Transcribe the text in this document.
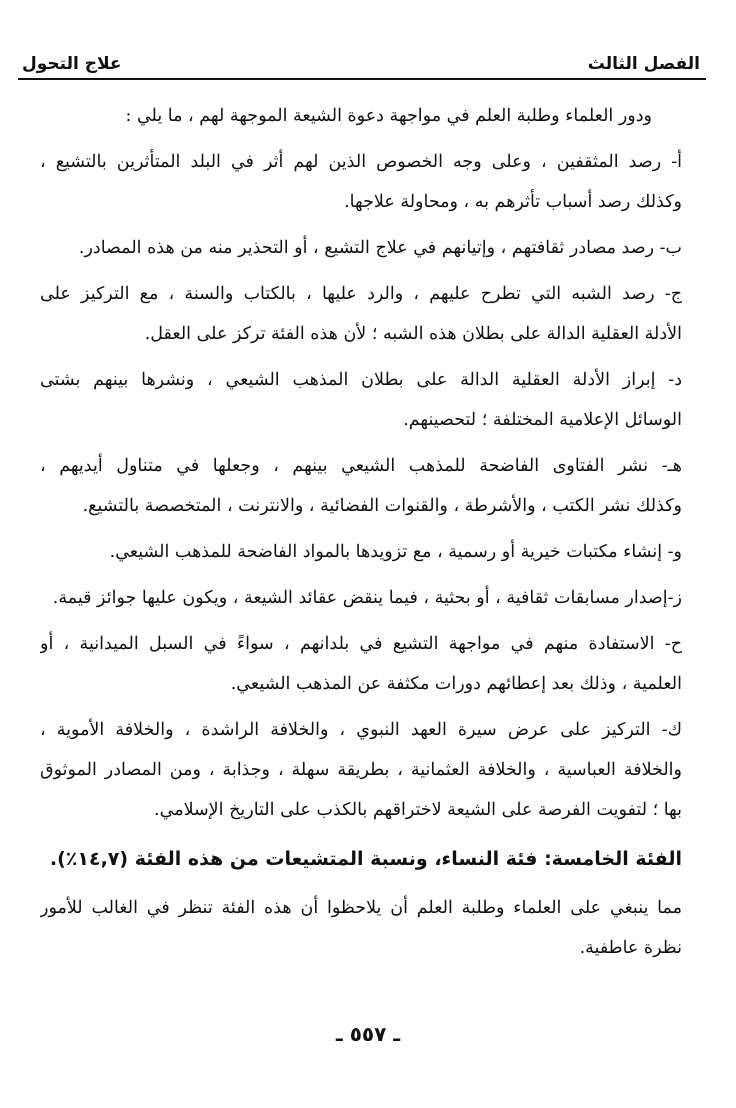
الفصل الثالث
علاج التحول
ودور العلماء وطلبة العلم في مواجهة دعوة الشيعة الموجهة لهم ، ما يلي :
أ- رصد المثقفين ، وعلى وجه الخصوص الذين لهم أثر في البلد المتأثرين بالتشيع ،
وكذلك رصد أسباب تأثرهم به ، ومحاولة علاجها.
ب- رصد مصادر ثقافتهم ، وإتيانهم في علاج التشيع ، أو التحذير منه من هذه المصادر.
ج- رصد الشبه التي تطرح عليهم ، والرد عليها ، بالكتاب والسنة ، مع التركيز على
الأدلة العقلية الدالة على بطلان هذه الشبه ؛ لأن هذه الفئة تركز على العقل.
د- إبراز الأدلة العقلية الدالة على بطلان المذهب الشيعي ، ونشرها بينهم بشتى
الوسائل الإعلامية المختلفة ؛ لتحصينهم.
هـ- نشر الفتاوى الفاضحة للمذهب الشيعي بينهم ، وجعلها في متناول أيديهم ،
وكذلك نشر الكتب ، والأشرطة ، والقنوات الفضائية ، والانترنت ، المتخصصة بالتشيع.
و- إنشاء مكتبات خيرية أو رسمية ، مع تزويدها بالمواد الفاضحة للمذهب الشيعي.
ز-إصدار مسابقات ثقافية ، أو بحثية ، فيما ينقض عقائد الشيعة ، ويكون عليها جوائز قيمة.
ح- الاستفادة منهم في مواجهة التشيع في بلدانهم ، سواءً في السبل الميدانية ، أو
العلمية ، وذلك بعد إعطائهم دورات مكثفة عن المذهب الشيعي.
ك- التركيز على عرض سيرة العهد النبوي ، والخلافة الراشدة ، والخلافة الأموية ،
والخلافة العباسية ، والخلافة العثمانية ، بطريقة سهلة ، وجذابة ، ومن المصادر الموثوق
بها ؛ لتفويت الفرصة على الشيعة لاختراقهم بالكذب على التاريخ الإسلامي.
الفئة الخامسة: فئة النساء، ونسبة المتشيعات من هذه الفئة (١٤,٧٪).
مما ينبغي على العلماء وطلبة العلم أن يلاحظوا أن هذه الفئة تنظر في الغالب للأمور
نظرة عاطفية.
ـ ٥٥٧ ـ
